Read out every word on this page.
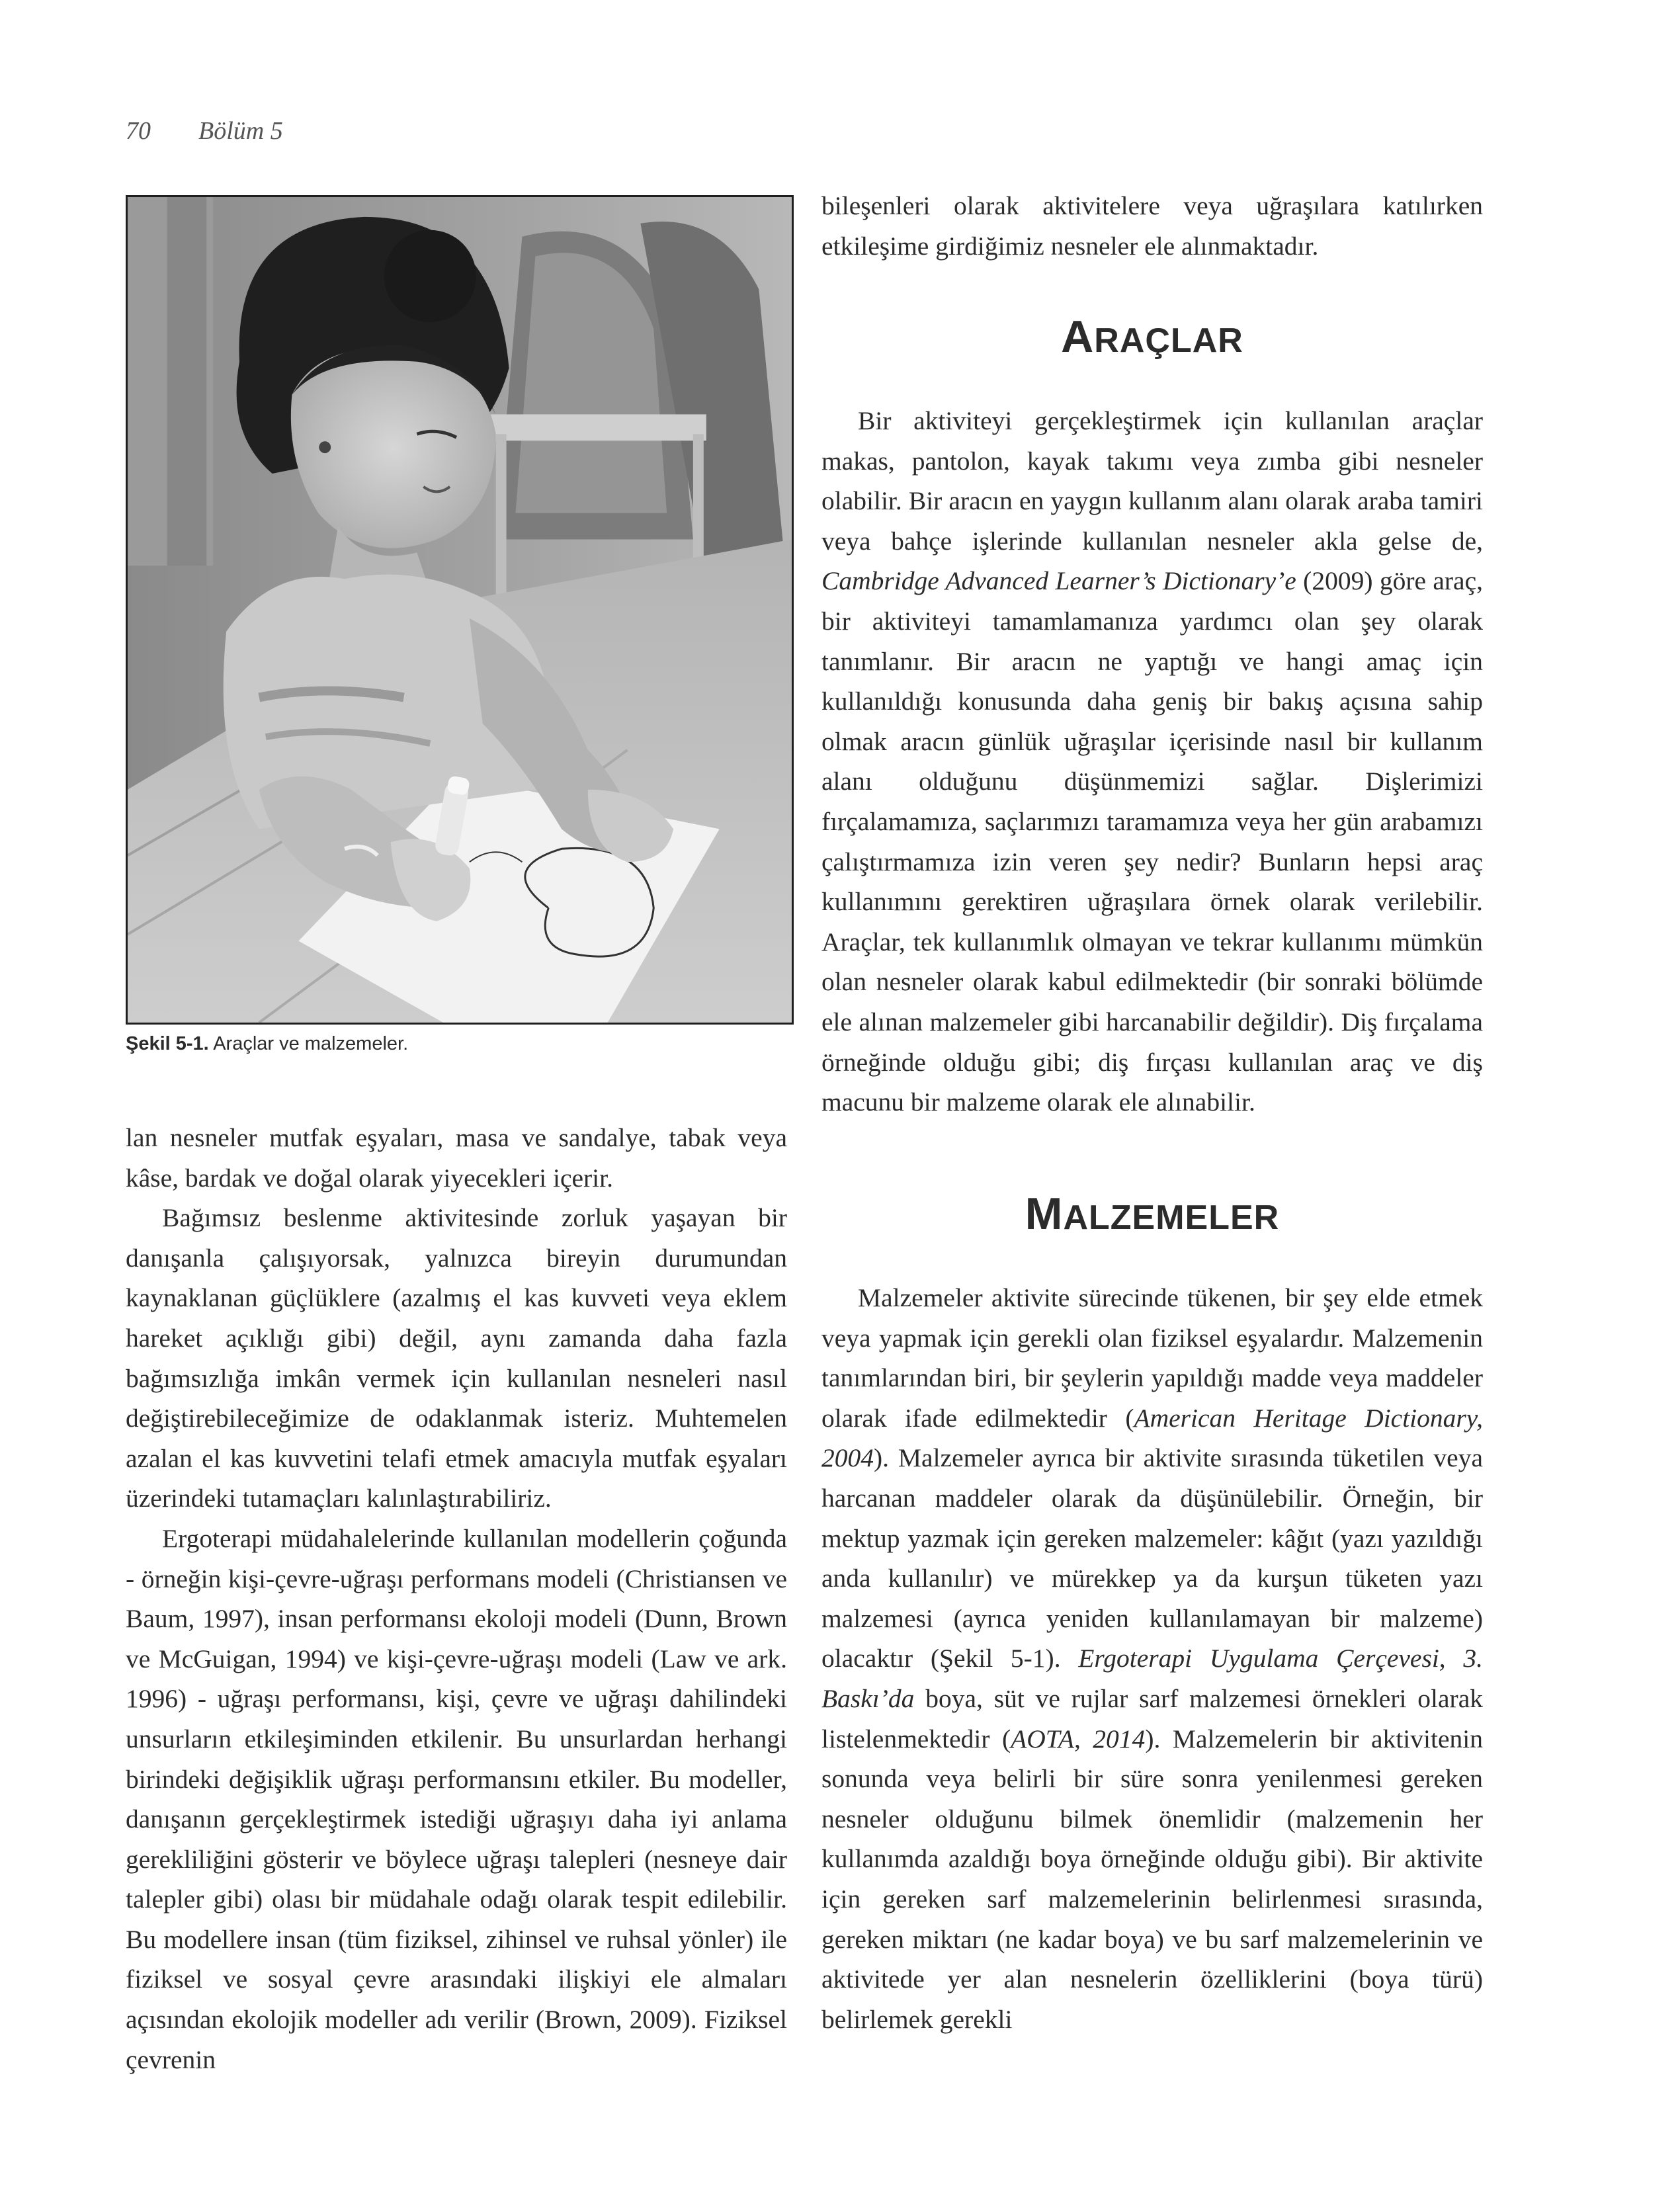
70 Bölüm 5
Şekil 5-1. Araçlar ve malzemeler.

lan nesneler mutfak eşyaları, masa ve sandalye, tabak veya kâse, bardak ve doğal olarak yiyecekleri içerir.

Bağımsız beslenme aktivitesinde zorluk yaşayan bir danışanla çalışıyorsak, yalnızca bireyin durumundan kaynaklanan güçlüklere (azalmış el kas kuvveti veya eklem hareket açıklığı gibi) değil, aynı zamanda daha fazla bağımsızlığa imkân vermek için kullanılan nesneleri nasıl değiştirebileceğimize de odaklanmak isteriz. Muhtemelen azalan el kas kuvvetini telafi etmek amacıyla mutfak eşyaları üzerindeki tutamaçları kalınlaştırabiliriz.

Ergoterapi müdahalelerinde kullanılan modellerin çoğunda - örneğin kişi-çevre-uğraşı performans modeli (Christiansen ve Baum, 1997), insan performansı ekoloji modeli (Dunn, Brown ve McGuigan, 1994) ve kişi-çevre-uğraşı modeli (Law ve ark. 1996) - uğraşı performansı, kişi, çevre ve uğraşı dahilindeki unsurların etkileşiminden etkilenir. Bu unsurlardan herhangi birindeki değişiklik uğraşı performansını etkiler. Bu modeller, danışanın gerçekleştirmek istediği uğraşıyı daha iyi anlama gerekliliğini gösterir ve böylece uğraşı talepleri (nesneye dair talepler gibi) olası bir müdahale odağı olarak tespit edilebilir. Bu modellere insan (tüm fiziksel, zihinsel ve ruhsal yönler) ile fiziksel ve sosyal çevre arasındaki ilişkiyi ele almaları açısından ekolojik modeller adı verilir (Brown, 2009). Fiziksel çevrenin

bileşenleri olarak aktivitelere veya uğraşılara katılırken etkileşime girdiğimiz nesneler ele alınmaktadır.

ARAÇLAR

Bir aktiviteyi gerçekleştirmek için kullanılan araçlar makas, pantolon, kayak takımı veya zımba gibi nesneler olabilir. Bir aracın en yaygın kullanım alanı olarak araba tamiri veya bahçe işlerinde kullanılan nesneler akla gelse de, Cambridge Advanced Learner’s Dictionary’e (2009) göre araç, bir aktiviteyi tamamlamanıza yardımcı olan şey olarak tanımlanır. Bir aracın ne yaptığı ve hangi amaç için kullanıldığı konusunda daha geniş bir bakış açısına sahip olmak aracın günlük uğraşılar içerisinde nasıl bir kullanım alanı olduğunu düşünmemizi sağlar. Dişlerimizi fırçalamamıza, saçlarımızı taramamıza veya her gün arabamızı çalıştırmamıza izin veren şey nedir? Bunların hepsi araç kullanımını gerektiren uğraşılara örnek olarak verilebilir. Araçlar, tek kullanımlık olmayan ve tekrar kullanımı mümkün olan nesneler olarak kabul edilmektedir (bir sonraki bölümde ele alınan malzemeler gibi harcanabilir değildir). Diş fırçalama örneğinde olduğu gibi; diş fırçası kullanılan araç ve diş macunu bir malzeme olarak ele alınabilir.

MALZEMELER

Malzemeler aktivite sürecinde tükenen, bir şey elde etmek veya yapmak için gerekli olan fiziksel eşyalardır. Malzemenin tanımlarından biri, bir şeylerin yapıldığı madde veya maddeler olarak ifade edilmektedir (American Heritage Dictionary, 2004). Malzemeler ayrıca bir aktivite sırasında tüketilen veya harcanan maddeler olarak da düşünülebilir. Örneğin, bir mektup yazmak için gereken malzemeler: kâğıt (yazı yazıldığı anda kullanılır) ve mürekkep ya da kurşun tüketen yazı malzemesi (ayrıca yeniden kullanılamayan bir malzeme) olacaktır (Şekil 5-1). Ergoterapi Uygulama Çerçevesi, 3. Baskı’da boya, süt ve rujlar sarf malzemesi örnekleri olarak listelenmektedir (AOTA, 2014). Malzemelerin bir aktivitenin sonunda veya belirli bir süre sonra yenilenmesi gereken nesneler olduğunu bilmek önemlidir (malzemenin her kullanımda azaldığı boya örneğinde olduğu gibi). Bir aktivite için gereken sarf malzemelerinin belirlenmesi sırasında, gereken miktarı (ne kadar boya) ve bu sarf malzemelerinin ve aktivitede yer alan nesnelerin özelliklerini (boya türü) belirlemek gerekli
